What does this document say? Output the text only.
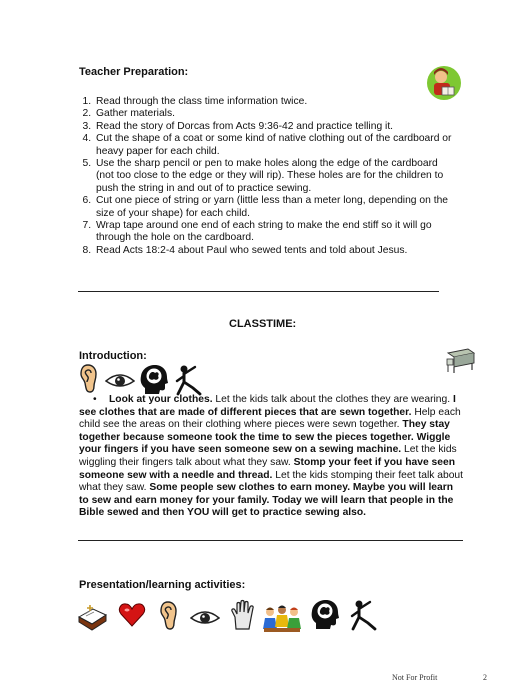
Teacher Preparation:
1. Read through the class time information twice.
2. Gather materials.
3. Read the story of Dorcas from Acts 9:36-42 and practice telling it.
4. Cut the shape of a coat or some kind of native clothing out of the cardboard or heavy paper for each child.
5. Use the sharp pencil or pen to make holes along the edge of the cardboard (not too close to the edge or they will rip). These holes are for the children to push the string in and out of to practice sewing.
6. Cut one piece of string or yarn (little less than a meter long, depending on the size of your shape) for each child.
7. Wrap tape around one end of each string to make the end stiff so it will go through the hole on the cardboard.
8. Read Acts 18:2-4 about Paul who sewed tents and told about Jesus.
CLASSTIME:
Introduction:
• Look at your clothes. Let the kids talk about the clothes they are wearing. I see clothes that are made of different pieces that are sewn together. Help each child see the areas on their clothing where pieces were sewn together. They stay together because someone took the time to sew the pieces together. Wiggle your fingers if you have seen someone sew on a sewing machine. Let the kids wiggling their fingers talk about what they saw. Stomp your feet if you have seen someone sew with a needle and thread. Let the kids stomping their feet talk about what they saw. Some people sew clothes to earn money. Maybe you will learn to sew and earn money for your family. Today we will learn that people in the Bible sewed and then YOU will get to practice sewing also.
Presentation/learning activities:
Not For Profit	2
